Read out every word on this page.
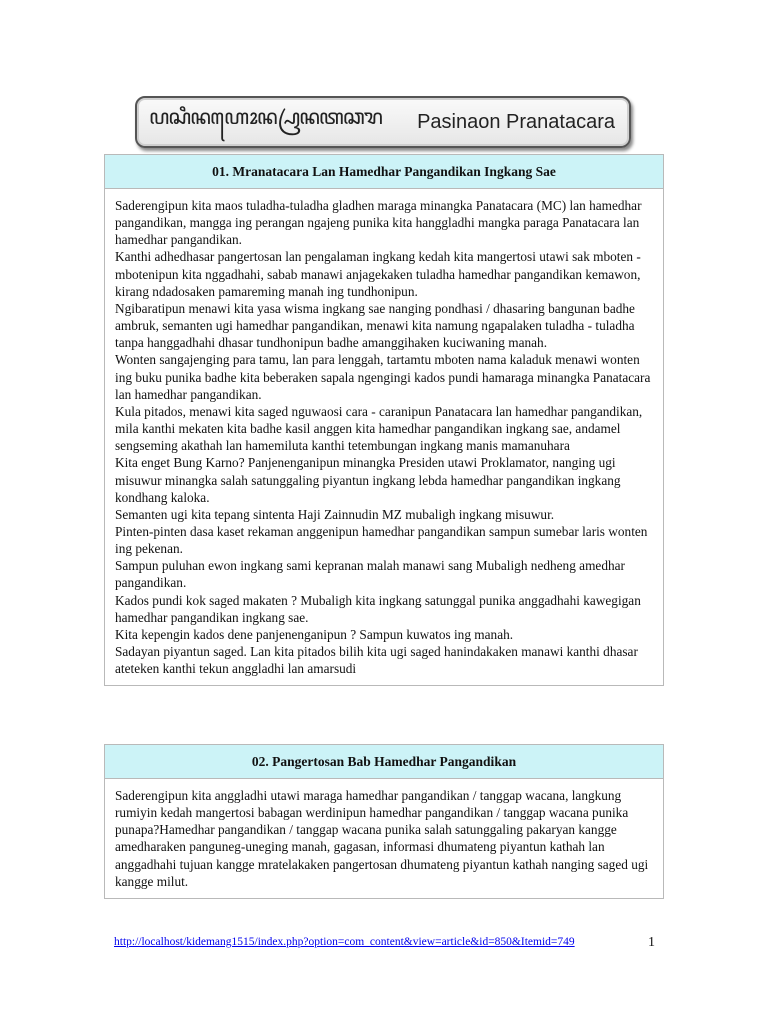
ꦥꦱꦶꦤꦲꦺꦴꦤ꧀ꦥꦿꦤꦠꦕꦫ	Pasinaon Pranatacara
01. Mranatacara Lan Hamedhar Pangandikan Ingkang Sae

Saderengipun kita maos tuladha-tuladha gladhen maraga minangka Panatacara (MC) lan hamedhar pangandikan, mangga ing perangan ngajeng punika kita hanggladhi mangka paraga Panatacara lan hamedhar pangandikan.

Kanthi adhedhasar pangertosan lan pengalaman ingkang kedah kita mangertosi utawi sak mboten - mbotenipun kita nggadhahi, sabab manawi anjagekaken tuladha hamedhar pangandikan kemawon, kirang ndadosaken pamareming manah ing tundhonipun.

Ngibaratipun menawi kita yasa wisma ingkang sae nanging pondhasi / dhasaring bangunan badhe ambruk, semanten ugi hamedhar pangandikan, menawi kita namung ngapalaken tuladha - tuladha tanpa hanggadhahi dhasar tundhonipun badhe amanggihaken kuciwaning manah.

Wonten sangajenging para tamu, lan para lenggah, tartamtu mboten nama kaladuk menawi wonten ing buku punika badhe kita beberaken sapala ngengingi kados pundi hamaraga minangka Panatacara lan hamedhar pangandikan.

Kula pitados, menawi kita saged nguwaosi cara - caranipun Panatacara lan hamedhar pangandikan, mila kanthi mekaten kita badhe kasil anggen kita hamedhar pangandikan ingkang sae, andamel sengseming akathah lan hamemiluta kanthi tetembungan ingkang manis mamanuhara

Kita enget Bung Karno? Panjenenganipun minangka Presiden utawi Proklamator, nanging ugi misuwur minangka salah satunggaling piyantun ingkang lebda hamedhar pangandikan ingkang kondhang kaloka.

Semanten ugi kita tepang sintenta Haji Zainnudin MZ mubaligh ingkang misuwur.

Pinten-pinten dasa kaset rekaman anggenipun hamedhar pangandikan sampun sumebar laris wonten ing pekenan.

Sampun puluhan ewon ingkang sami kepranan malah manawi sang Mubaligh nedheng amedhar pangandikan.

Kados pundi kok saged makaten ? Mubaligh kita ingkang satunggal punika anggadhahi kawegigan hamedhar pangandikan ingkang sae.

Kita kepengin kados dene panjenenganipun ? Sampun kuwatos ing manah.

Sadayan piyantun saged. Lan kita pitados bilih kita ugi saged hanindakaken manawi kanthi dhasar ateteken kanthi tekun anggladhi lan amarsudi

02. Pangertosan Bab Hamedhar Pangandikan

Saderengipun kita anggladhi utawi maraga hamedhar pangandikan / tanggap wacana, langkung rumiyin kedah mangertosi babagan werdinipun hamedhar pangandikan / tanggap wacana punika punapa?Hamedhar pangandikan / tanggap wacana punika salah satunggaling pakaryan kangge amedharaken panguneg-uneging manah, gagasan, informasi dhumateng piyantun kathah lan anggadhahi tujuan kangge mratelakaken pangertosan dhumateng piyantun kathah nanging saged ugi kangge milut.

http://localhost/kidemang1515/index.php?option=com_content&view=article&id=850&Itemid=749	1
